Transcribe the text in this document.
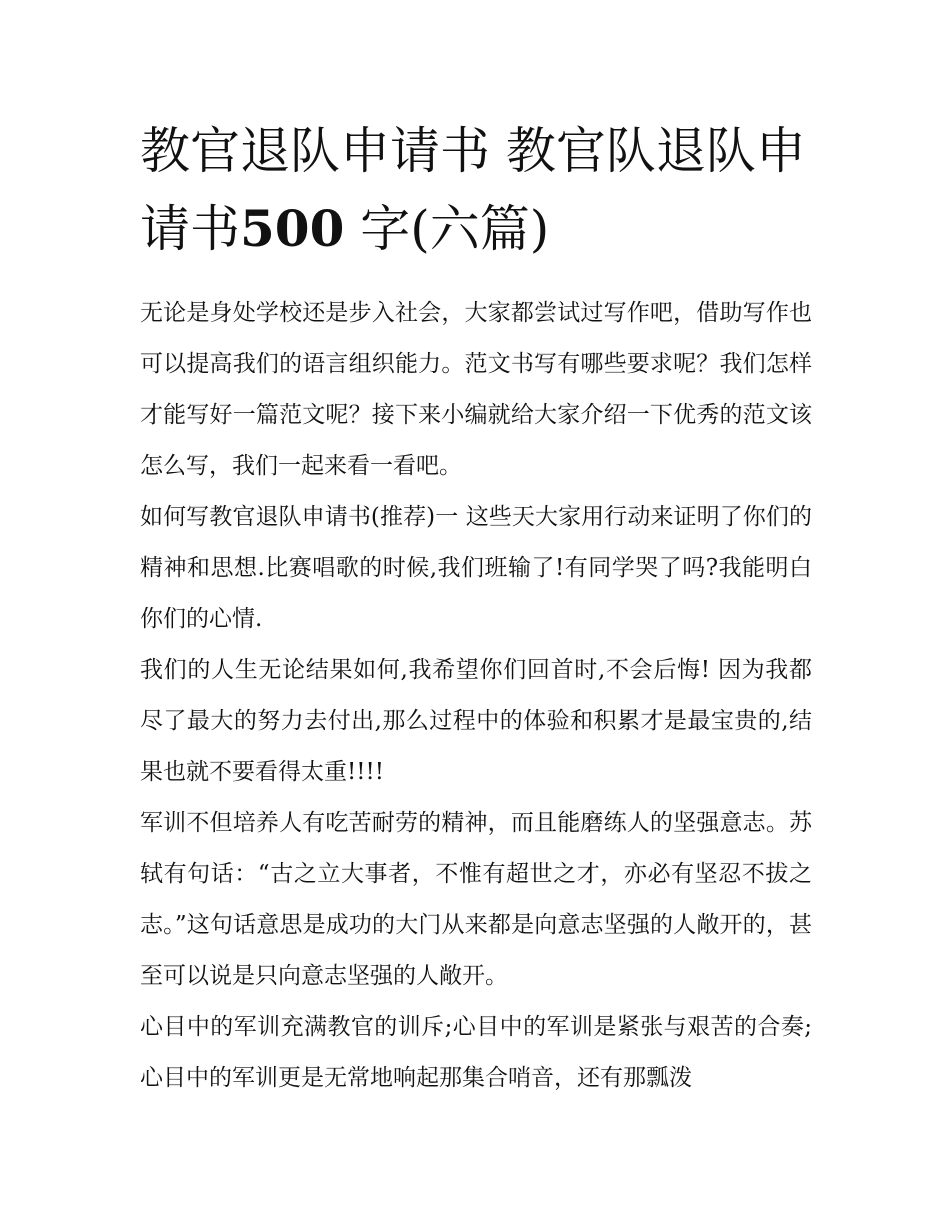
教官退队申请书 教官队退队申请书500 字(六篇)

无论是身处学校还是步入社会，大家都尝试过写作吧，借助写作也可以提高我们的语言组织能力。范文书写有哪些要求呢？我们怎样才能写好一篇范文呢？接下来小编就给大家介绍一下优秀的范文该怎么写，我们一起来看一看吧。

如何写教官退队申请书(推荐)一 这些天大家用行动来证明了你们的精神和思想.比赛唱歌的时候,我们班输了!有同学哭了吗?我能明白你们的心情.

我们的人生无论结果如何,我希望你们回首时,不会后悔! 因为我都尽了最大的努力去付出,那么过程中的体验和积累才是最宝贵的,结果也就不要看得太重!!!!

军训不但培养人有吃苦耐劳的精神，而且能磨练人的坚强意志。苏轼有句话：“古之立大事者，不惟有超世之才，亦必有坚忍不拔之志。”这句话意思是成功的大门从来都是向意志坚强的人敞开的，甚至可以说是只向意志坚强的人敞开。

心目中的军训充满教官的训斥;心目中的军训是紧张与艰苦的合奏;心目中的军训更是无常地响起那集合哨音，还有那瓢泼
